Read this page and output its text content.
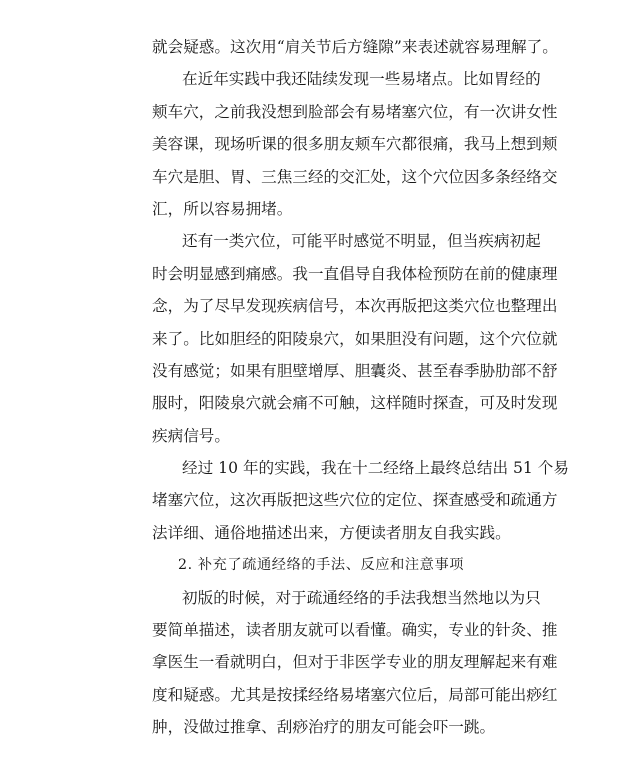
就会疑惑。这次用“肩关节后方缝隙”来表述就容易理解了。
在近年实践中我还陆续发现一些易堵点。比如胃经的
颊车穴，之前我没想到脸部会有易堵塞穴位，有一次讲女性
美容课，现场听课的很多朋友颊车穴都很痛，我马上想到颊
车穴是胆、胃、三焦三经的交汇处，这个穴位因多条经络交
汇，所以容易拥堵。
还有一类穴位，可能平时感觉不明显，但当疾病初起
时会明显感到痛感。我一直倡导自我体检预防在前的健康理
念，为了尽早发现疾病信号，本次再版把这类穴位也整理出
来了。比如胆经的阳陵泉穴，如果胆没有问题，这个穴位就
没有感觉；如果有胆壁增厚、胆囊炎、甚至春季胁肋部不舒
服时，阳陵泉穴就会痛不可触，这样随时探查，可及时发现
疾病信号。
经过 10 年的实践，我在十二经络上最终总结出 51 个易
堵塞穴位，这次再版把这些穴位的定位、探查感受和疏通方
法详细、通俗地描述出来，方便读者朋友自我实践。
2. 补充了疏通经络的手法、反应和注意事项
初版的时候，对于疏通经络的手法我想当然地以为只
要简单描述，读者朋友就可以看懂。确实，专业的针灸、推
拿医生一看就明白，但对于非医学专业的朋友理解起来有难
度和疑惑。尤其是按揉经络易堵塞穴位后，局部可能出痧红
肿，没做过推拿、刮痧治疗的朋友可能会吓一跳。
